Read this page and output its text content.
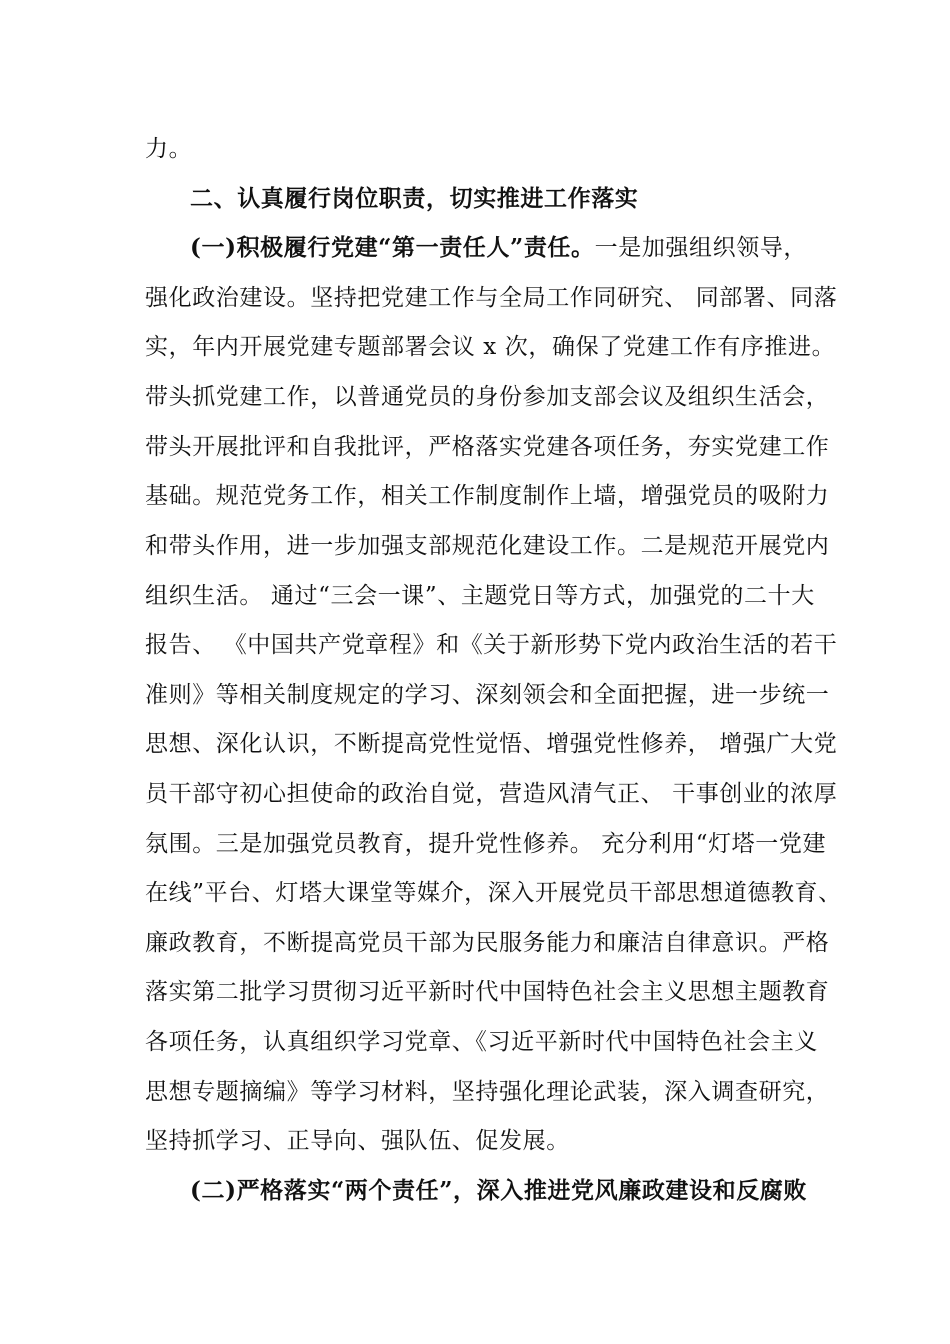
力。
二、认真履行岗位职责，切实推进工作落实
(一)积极履行党建“第一责任人”责任。一是加强组织领导，
强化政治建设。坚持把党建工作与全局工作同研究、 同部署、同落
实，年内开展党建专题部署会议 x 次，确保了党建工作有序推进。
带头抓党建工作，以普通党员的身份参加支部会议及组织生活会，
带头开展批评和自我批评，严格落实党建各项任务，夯实党建工作
基础。规范党务工作，相关工作制度制作上墙，增强党员的吸附力
和带头作用，进一步加强支部规范化建设工作。二是规范开展党内
组织生活。 通过“三会一课”、主题党日等方式，加强党的二十大
报告、 《中国共产党章程》和《关于新形势下党内政治生活的若干
准则》等相关制度规定的学习、深刻领会和全面把握，进一步统一
思想、深化认识，不断提高党性觉悟、增强党性修养， 增强广大党
员干部守初心担使命的政治自觉，营造风清气正、 干事创业的浓厚
氛围。三是加强党员教育，提升党性修养。 充分利用“灯塔一党建
在线”平台、灯塔大课堂等媒介，深入开展党员干部思想道德教育、
廉政教育，不断提高党员干部为民服务能力和廉洁自律意识。严格
落实第二批学习贯彻习近平新时代中国特色社会主义思想主题教育
各项任务，认真组织学习党章、《习近平新时代中国特色社会主义
思想专题摘编》等学习材料，坚持强化理论武装，深入调查研究，
坚持抓学习、正导向、强队伍、促发展。
(二)严格落实“两个责任”，深入推进党风廉政建设和反腐败
